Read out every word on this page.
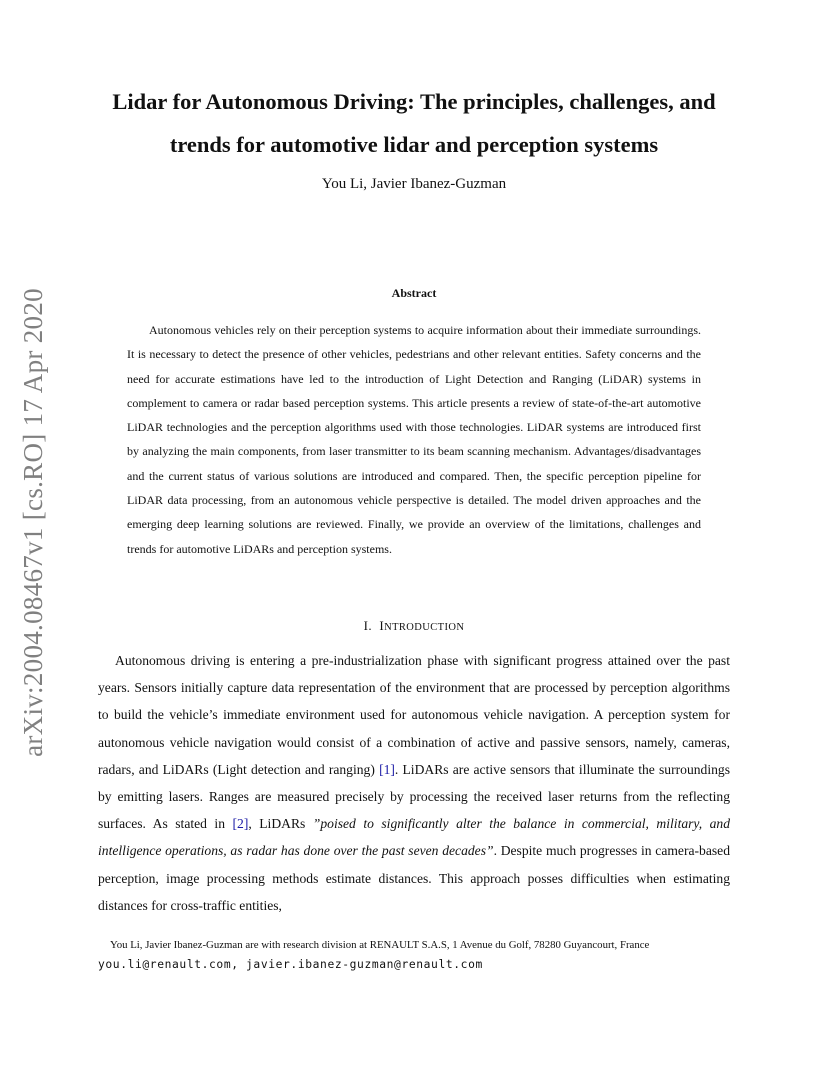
arXiv:2004.08467v1 [cs.RO] 17 Apr 2020
Lidar for Autonomous Driving: The principles, challenges, and trends for automotive lidar and perception systems
You Li, Javier Ibanez-Guzman
Abstract

Autonomous vehicles rely on their perception systems to acquire information about their immediate surroundings. It is necessary to detect the presence of other vehicles, pedestrians and other relevant entities. Safety concerns and the need for accurate estimations have led to the introduction of Light Detection and Ranging (LiDAR) systems in complement to camera or radar based perception systems. This article presents a review of state-of-the-art automotive LiDAR technologies and the perception algorithms used with those technologies. LiDAR systems are introduced first by analyzing the main components, from laser transmitter to its beam scanning mechanism. Advantages/disadvantages and the current status of various solutions are introduced and compared. Then, the specific perception pipeline for LiDAR data processing, from an autonomous vehicle perspective is detailed. The model driven approaches and the emerging deep learning solutions are reviewed. Finally, we provide an overview of the limitations, challenges and trends for automotive LiDARs and perception systems.

I. INTRODUCTION

Autonomous driving is entering a pre-industrialization phase with significant progress attained over the past years. Sensors initially capture data representation of the environment that are processed by perception algorithms to build the vehicle’s immediate environment used for autonomous vehicle navigation. A perception system for autonomous vehicle navigation would consist of a combination of active and passive sensors, namely, cameras, radars, and LiDARs (Light detection and ranging) [1]. LiDARs are active sensors that illuminate the surroundings by emitting lasers. Ranges are measured precisely by processing the received laser returns from the reflecting surfaces. As stated in [2], LiDARs ”poised to significantly alter the balance in commercial, military, and intelligence operations, as radar has done over the past seven decades”. Despite much progresses in camera-based perception, image processing methods estimate distances. This approach posses difficulties when estimating distances for cross-traffic entities,

You Li, Javier Ibanez-Guzman are with research division at RENAULT S.A.S, 1 Avenue du Golf, 78280 Guyancourt, France
you.li@renault.com, javier.ibanez-guzman@renault.com
